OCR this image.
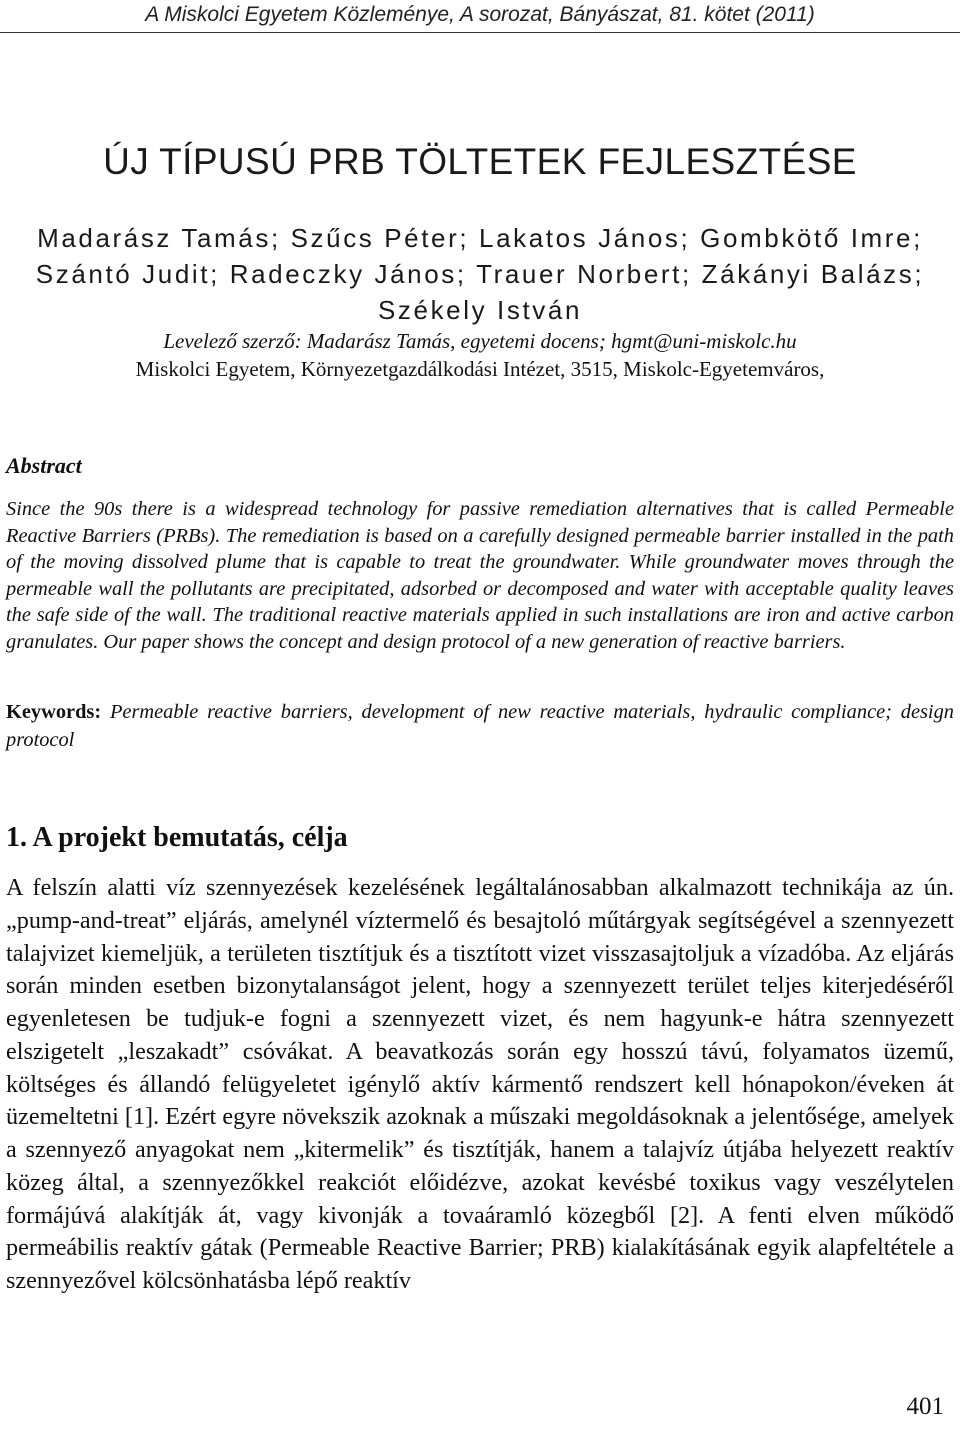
A Miskolci Egyetem Közleménye, A sorozat, Bányászat, 81. kötet (2011)
ÚJ TÍPUSÚ PRB TÖLTETEK FEJLESZTÉSE
Madarász Tamás; Szűcs Péter; Lakatos János; Gombkötő Imre;
Szántó Judit; Radeczky János; Trauer Norbert; Zákányi Balázs;
Székely István
Levelező szerző: Madarász Tamás, egyetemi docens; hgmt@uni-miskolc.hu
Miskolci Egyetem, Környezetgazdálkodási Intézet, 3515, Miskolc-Egyetemváros,
Abstract
Since the 90s there is a widespread technology for passive remediation alternatives that is called Permeable Reactive Barriers (PRBs). The remediation is based on a carefully designed permeable barrier installed in the path of the moving dissolved plume that is capable to treat the groundwater. While groundwater moves through the permeable wall the pollutants are precipitated, adsorbed or decomposed and water with acceptable quality leaves the safe side of the wall. The traditional reactive materials applied in such installations are iron and active carbon granulates. Our paper shows the concept and design protocol of a new generation of reactive barriers.
Keywords: Permeable reactive barriers, development of new reactive materials, hydraulic compliance; design protocol
1. A projekt bemutatás, célja
A felszín alatti víz szennyezések kezelésének legáltalánosabban alkalmazott technikája az ún. „pump-and-treat” eljárás, amelynél víztermelő és besajtoló műtárgyak segítségével a szennyezett talajvizet kiemeljük, a területen tisztítjuk és a tisztított vizet visszasajtoljuk a vízadóba. Az eljárás során minden esetben bizonytalanságot jelent, hogy a szennyezett terület teljes kiterjedéséről egyenletesen be tudjuk-e fogni a szennyezett vizet, és nem hagyunk-e hátra szennyezett elszigetelt „leszakadt” csóvákat. A beavatkozás során egy hosszú távú, folyamatos üzemű, költséges és állandó felügyeletet igénylő aktív kármentő rendszert kell hónapokon/éveken át üzemeltetni [1]. Ezért egyre növekszik azoknak a műszaki megoldásoknak a jelentősége, amelyek a szennyező anyagokat nem „kitermelik” és tisztítják, hanem a talajvíz útjába helyezett reaktív közeg által, a szennyezőkkel reakciót előidézve, azokat kevésbé toxikus vagy veszélytelen formájúvá alakítják át, vagy kivonják a tovaáramló közegből [2]. A fenti elven működő permeábilis reaktív gátak (Permeable Reactive Barrier; PRB) kialakításának egyik alapfeltétele a szennyezővel kölcsönhatásba lépő reaktív
401
